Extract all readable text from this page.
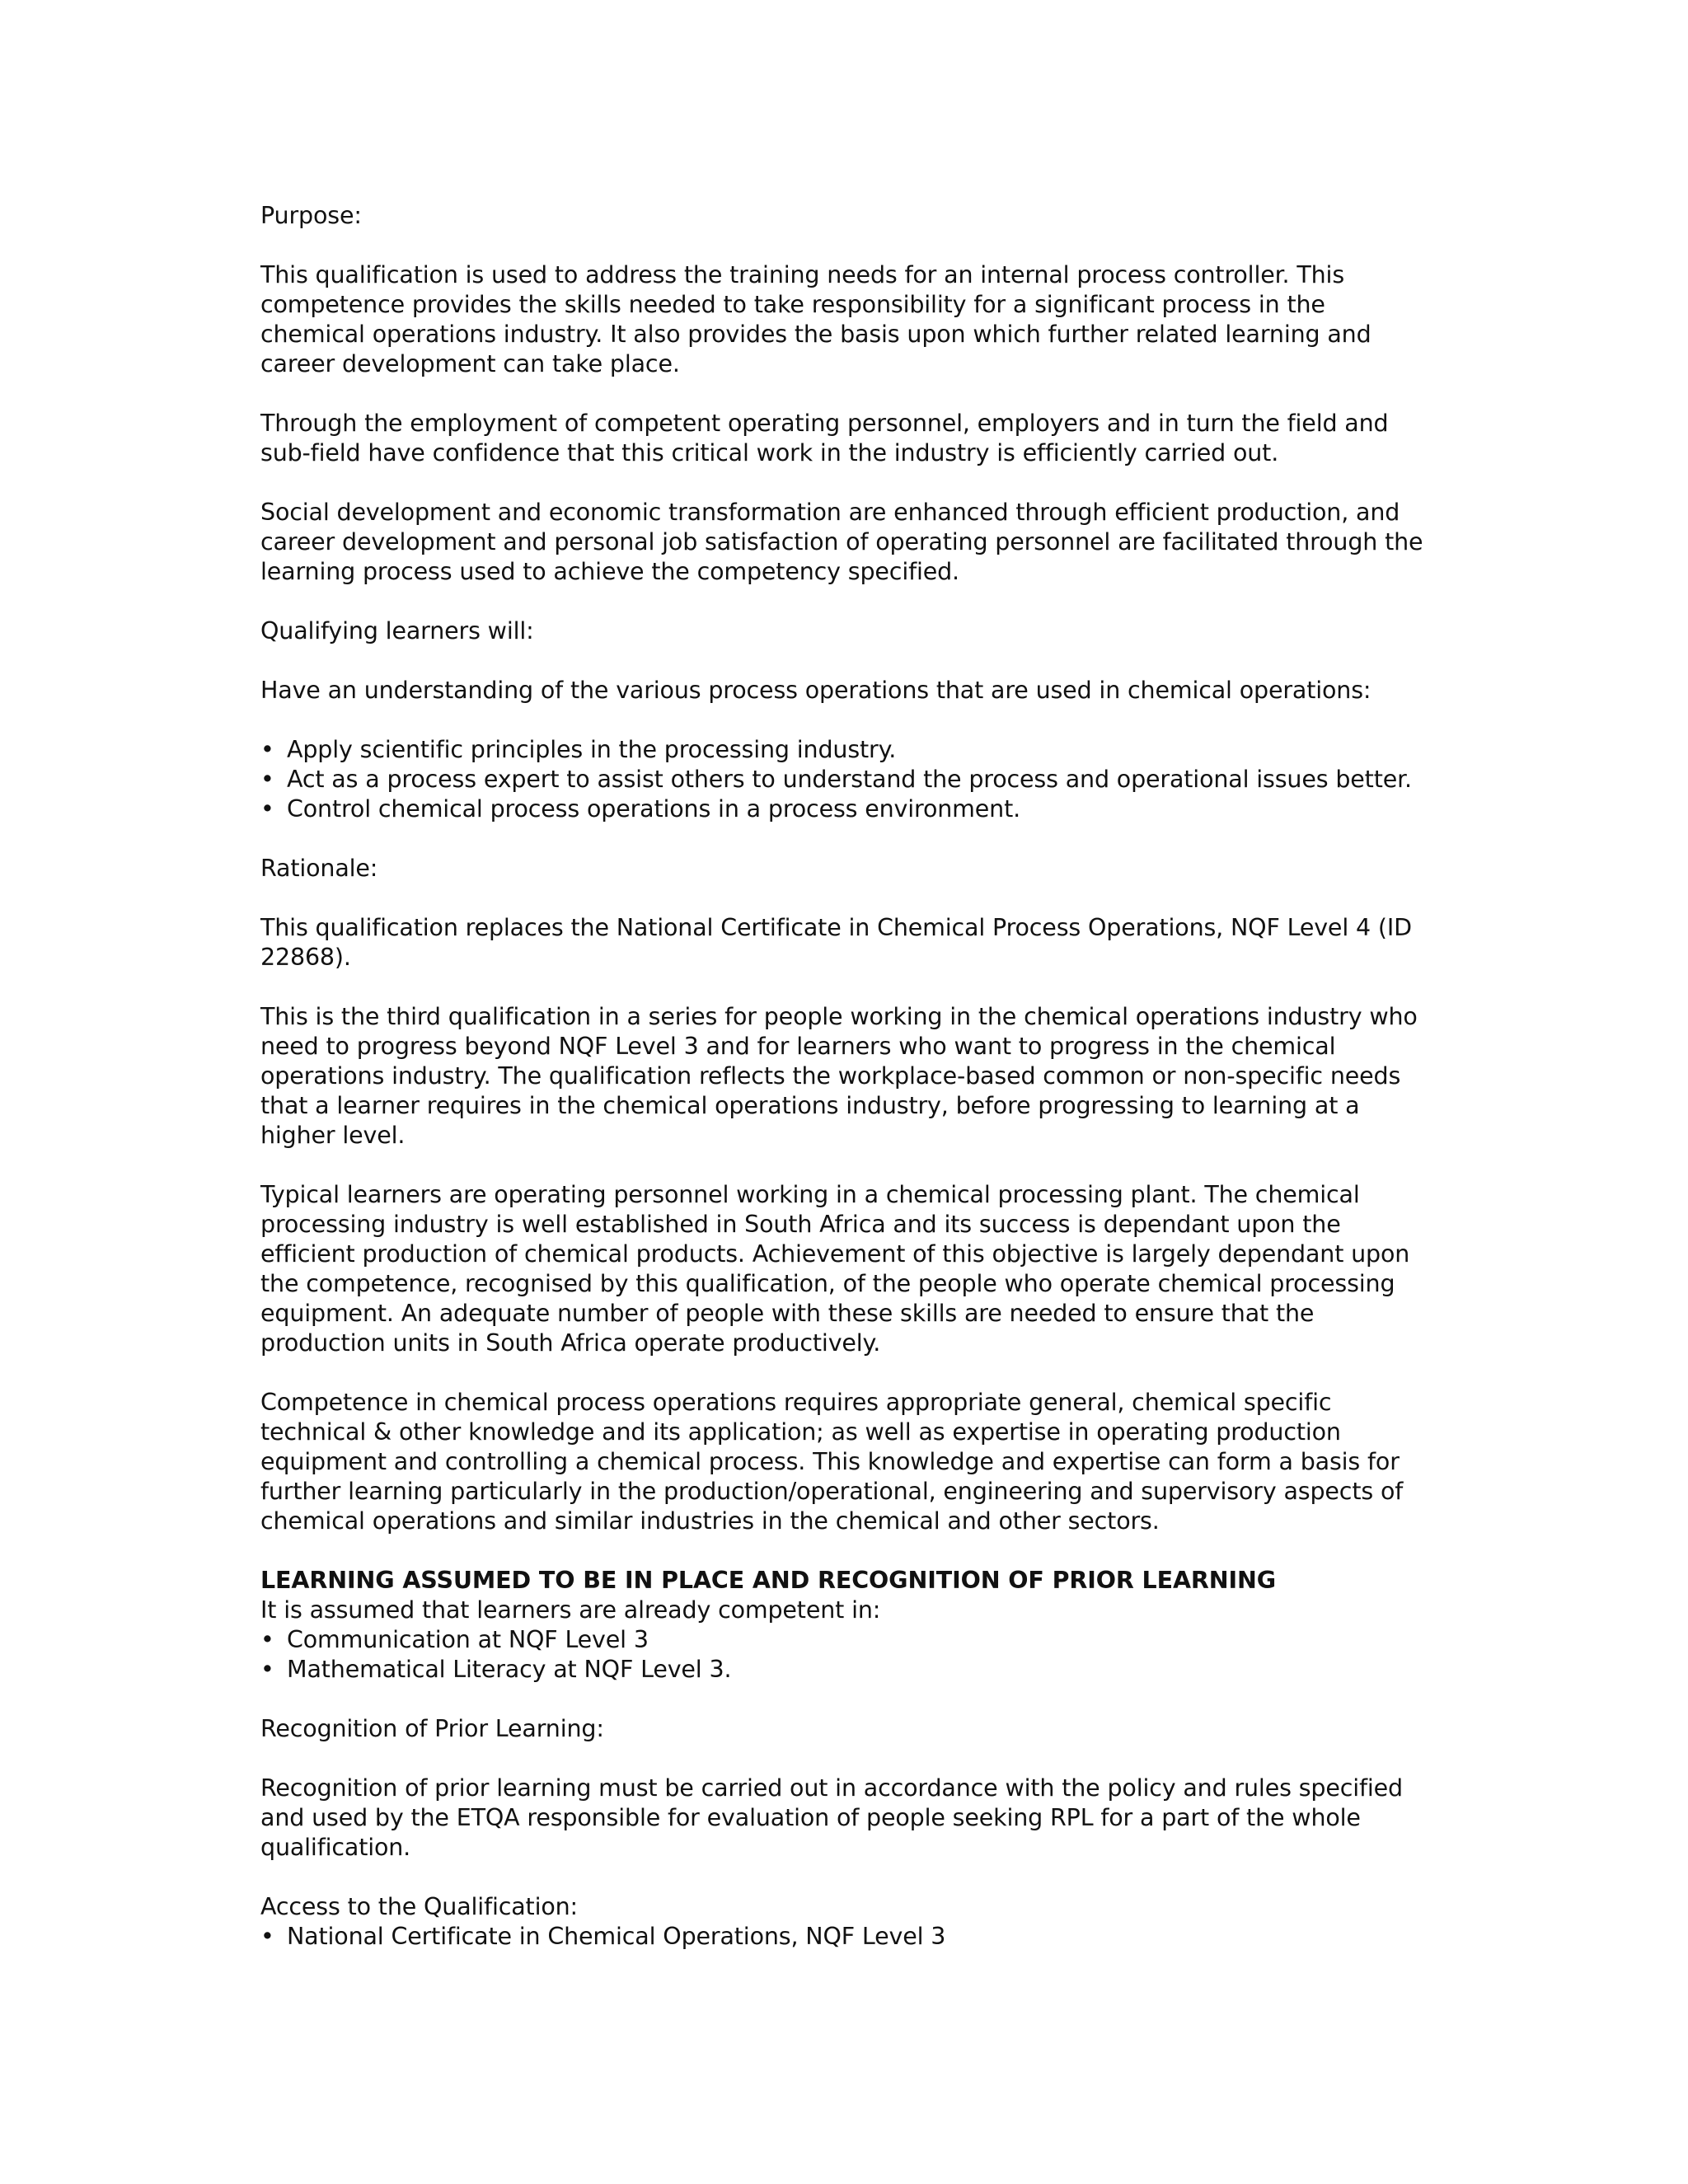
Purpose:

This qualification is used to address the training needs for an internal process controller. This competence provides the skills needed to take responsibility for a significant process in the chemical operations industry. It also provides the basis upon which further related learning and career development can take place.

Through the employment of competent operating personnel, employers and in turn the field and sub-field have confidence that this critical work in the industry is efficiently carried out.

Social development and economic transformation are enhanced through efficient production, and career development and personal job satisfaction of operating personnel are facilitated through the learning process used to achieve the competency specified.

Qualifying learners will:

Have an understanding of the various process operations that are used in chemical operations:

• Apply scientific principles in the processing industry.
• Act as a process expert to assist others to understand the process and operational issues better.
• Control chemical process operations in a process environment.

Rationale:

This qualification replaces the National Certificate in Chemical Process Operations, NQF Level 4 (ID 22868).

This is the third qualification in a series for people working in the chemical operations industry who need to progress beyond NQF Level 3 and for learners who want to progress in the chemical operations industry. The qualification reflects the workplace-based common or non-specific needs that a learner requires in the chemical operations industry, before progressing to learning at a higher level.

Typical learners are operating personnel working in a chemical processing plant. The chemical processing industry is well established in South Africa and its success is dependant upon the efficient production of chemical products. Achievement of this objective is largely dependant upon the competence, recognised by this qualification, of the people who operate chemical processing equipment. An adequate number of people with these skills are needed to ensure that the production units in South Africa operate productively.

Competence in chemical process operations requires appropriate general, chemical specific technical & other knowledge and its application; as well as expertise in operating production equipment and controlling a chemical process. This knowledge and expertise can form a basis for further learning particularly in the production/operational, engineering and supervisory aspects of chemical operations and similar industries in the chemical and other sectors.

LEARNING ASSUMED TO BE IN PLACE AND RECOGNITION OF PRIOR LEARNING

It is assumed that learners are already competent in:

• Communication at NQF Level 3
• Mathematical Literacy at NQF Level 3.

Recognition of Prior Learning:

Recognition of prior learning must be carried out in accordance with the policy and rules specified and used by the ETQA responsible for evaluation of people seeking RPL for a part of the whole qualification.

Access to the Qualification:

• National Certificate in Chemical Operations, NQF Level 3
